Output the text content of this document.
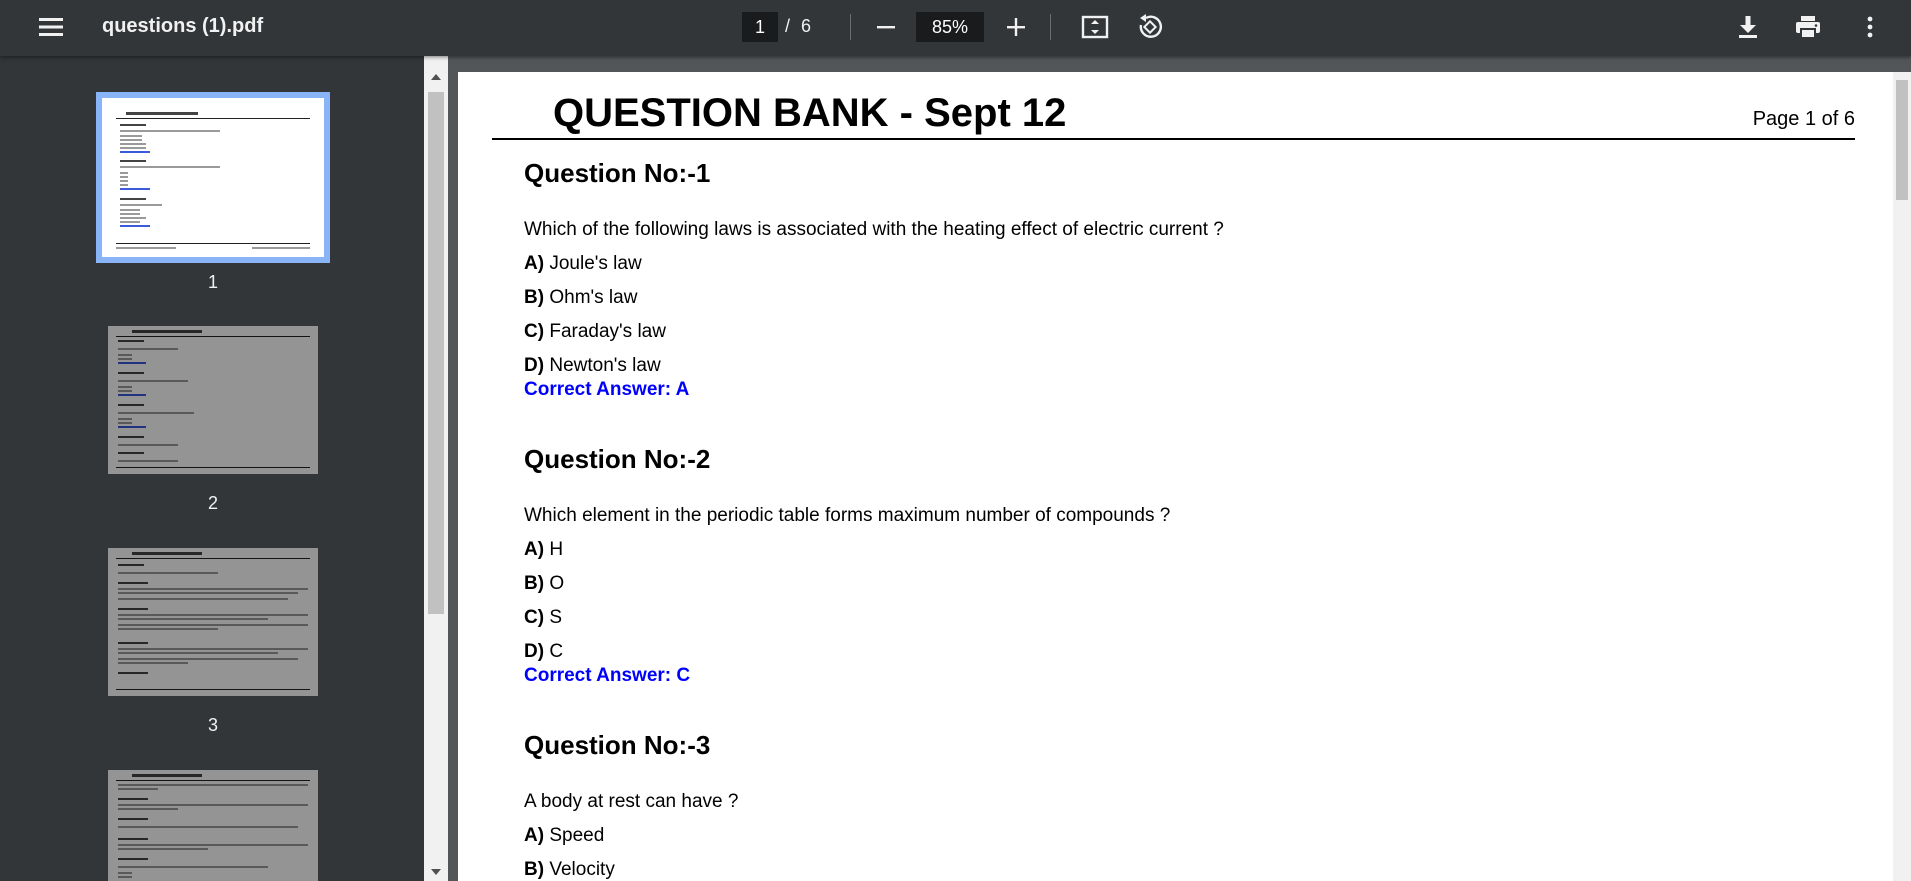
questions (1).pdf	1	/ 6	85%
1
2
3
QUESTION BANK - Sept 12	Page 1 of 6
Question No:-1
Which of the following laws is associated with the heating effect of electric current ?
A) Joule's law
B) Ohm's law
C) Faraday's law
D) Newton's law
Correct Answer: A
Question No:-2
Which element in the periodic table forms maximum number of compounds ?
A) H
B) O
C) S
D) C
Correct Answer: C
Question No:-3
A body at rest can have ?
A) Speed
B) Velocity
